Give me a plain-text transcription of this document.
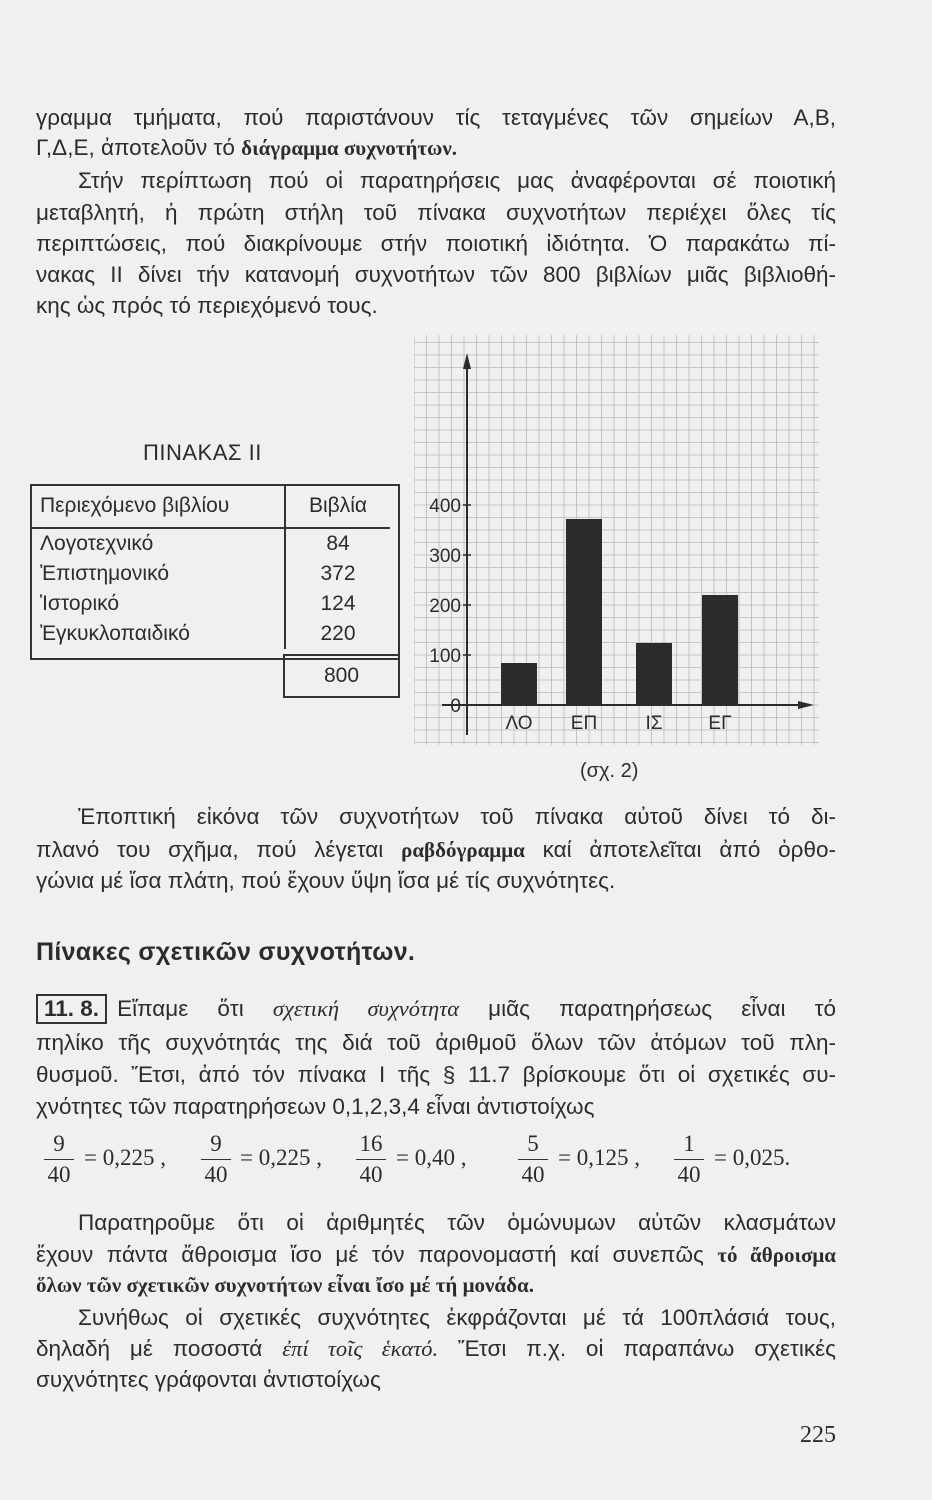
γραμμα τμήματα, πού παριστάνουν τίς τεταγμένες τῶν σημείων Α,Β,
Γ,Δ,Ε, ἀποτελοῦν τό διάγραμμα συχνοτήτων.
Στήν περίπτωση πού οἱ παρατηρήσεις μας ἀναφέρονται σέ ποιοτική
μεταβλητή, ἡ πρώτη στήλη τοῦ πίνακα συχνοτήτων περιέχει ὅλες τίς
περιπτώσεις, πού διακρίνουμε στήν ποιοτική ἰδιότητα. Ὁ παρακάτω πί-
νακας ΙΙ δίνει τήν κατανομή συχνοτήτων τῶν 800 βιβλίων μιᾶς βιβλιοθή-
κης ὡς πρός τό περιεχόμενό τους.
ΠΙΝΑΚΑΣ ΙΙ
Περιεχόμενο βιβλίου	Βιβλία
Λογοτεχνικό	84
Ἐπιστημονικό	372
Ἱστορικό	124
Ἐγκυκλοπαιδικό	220
800
0
100
200
300
400
ΛΟ ΕΠ	ΙΣ ΕΓ
(σχ. 2)
Ἐποπτική εἰκόνα τῶν συχνοτήτων τοῦ πίνακα αὐτοῦ δίνει τό δι-
πλανό του σχῆμα, πού λέγεται ραβδόγραμμα καί ἀποτελεῖται ἀπό ὀρθο-
γώνια μέ ἴσα πλάτη, πού ἔχουν ὕψη ἴσα μέ τίς συχνότητες.
Πίνακες σχετικῶν συχνοτήτων.
11. 8. Εἴπαμε ὅτι σχετική συχνότητα μιᾶς παρατηρήσεως εἶναι τό
πηλίκο τῆς συχνότητάς της διά τοῦ ἀριθμοῦ ὅλων τῶν ἀτόμων τοῦ πλη-
θυσμοῦ. Ἔτσι, ἀπό τόν πίνακα Ι τῆς § 11.7 βρίσκουμε ὅτι οἱ σχετικές συ-
χνότητες τῶν παρατηρήσεων 0,1,2,3,4 εἶναι ἀντιστοίχως
9
40
= 0,225 ,
9
40
= 0,225 ,
16
40
= 0,40 ,
5
40
= 0,125 ,
1
40
= 0,025.
Παρατηροῦμε ὅτι οἱ ἀριθμητές τῶν ὁμώνυμων αὐτῶν κλασμάτων
ἔχουν πάντα ἄθροισμα ἴσο μέ τόν παρονομαστή καί συνεπῶς τό ἄθροισμα
ὅλων τῶν σχετικῶν συχνοτήτων εἶναι ἴσο μέ τή μονάδα.
Συνήθως οἱ σχετικές συχνότητες ἐκφράζονται μέ τά 100πλάσιά τους,
δηλαδή μέ ποσοστά ἐπί τοῖς ἑκατό. Ἔτσι π.χ. οἱ παραπάνω σχετικές
συχνότητες γράφονται ἀντιστοίχως
225
